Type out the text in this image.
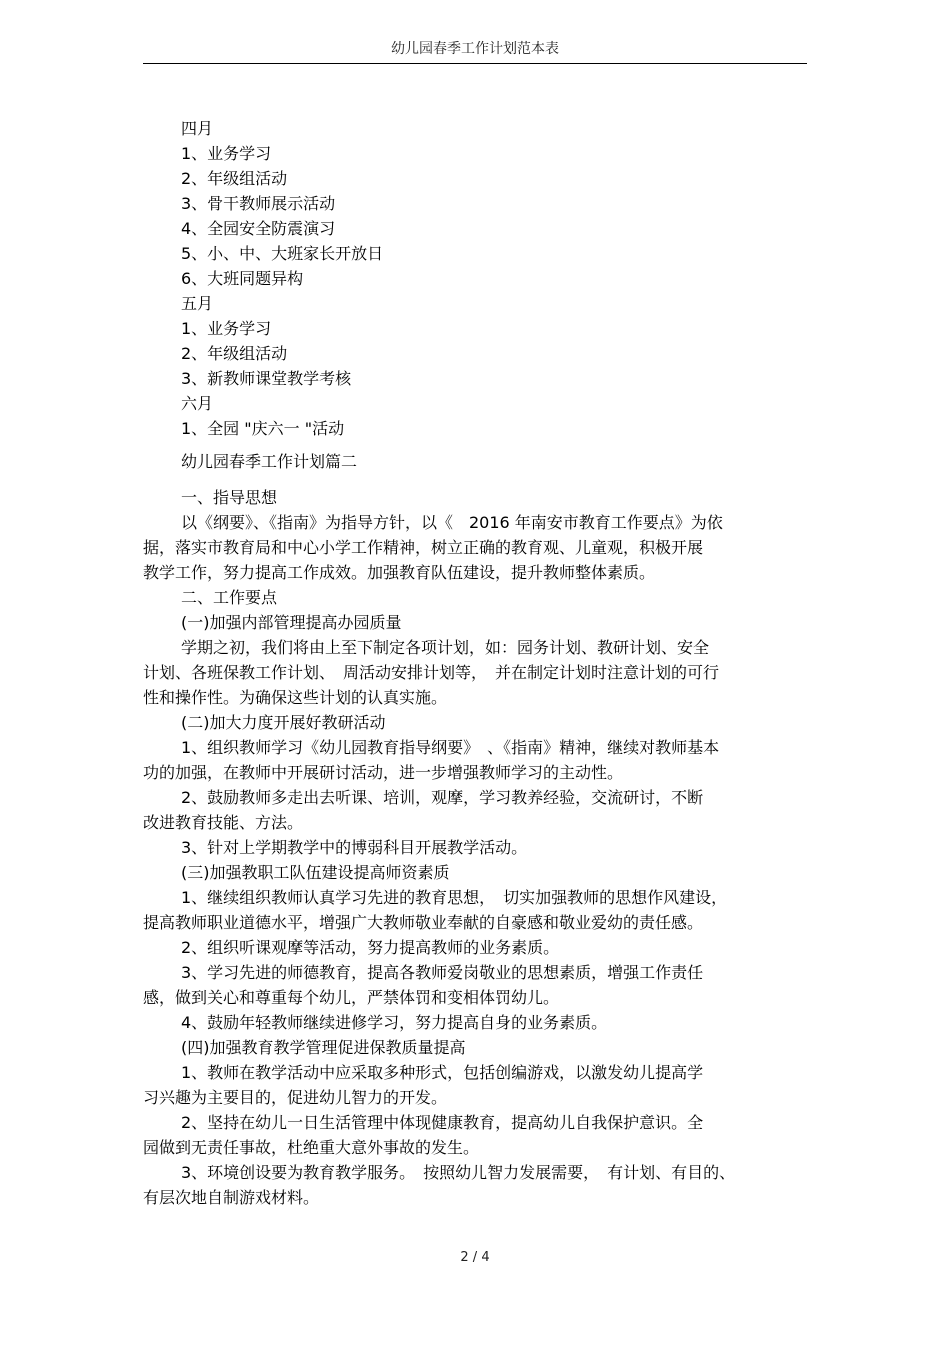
幼儿园春季工作计划范本表
四月
1、业务学习
2、年级组活动
3、骨干教师展示活动
4、全园安全防震演习
5、小、中、大班家长开放日
6、大班同题异构
五月
1、业务学习
2、年级组活动
3、新教师课堂教学考核
六月
1、全园 "庆六一 "活动
幼儿园春季工作计划篇二
一、指导思想
以《纲要》、《指南》为指导方针，以《　2016 年南安市教育工作要点》为依
据，落实市教育局和中心小学工作精神，树立正确的教育观、儿童观，积极开展
教学工作，努力提高工作成效。加强教育队伍建设，提升教师整体素质。
二、工作要点
(一)加强内部管理提高办园质量
学期之初，我们将由上至下制定各项计划，如：园务计划、教研计划、安全
计划、各班保教工作计划、　周活动安排计划等，　并在制定计划时注意计划的可行
性和操作性。为确保这些计划的认真实施。
(二)加大力度开展好教研活动
1、组织教师学习《幼儿园教育指导纲要》　、《指南》精神，继续对教师基本
功的加强，在教师中开展研讨活动，进一步增强教师学习的主动性。
2、鼓励教师多走出去听课、培训，观摩，学习教养经验，交流研讨，不断
改进教育技能、方法。
3、针对上学期教学中的博弱科目开展教学活动。
(三)加强教职工队伍建设提高师资素质
1、继续组织教师认真学习先进的教育思想，　切实加强教师的思想作风建设，
提高教师职业道德水平，增强广大教师敬业奉献的自豪感和敬业爱幼的责任感。
2、组织听课观摩等活动，努力提高教师的业务素质。
3、学习先进的师德教育，提高各教师爱岗敬业的思想素质，增强工作责任
感，做到关心和尊重每个幼儿，严禁体罚和变相体罚幼儿。
4、鼓励年轻教师继续进修学习，努力提高自身的业务素质。
(四)加强教育教学管理促进保教质量提高
1、教师在教学活动中应采取多种形式，包括创编游戏，以激发幼儿提高学
习兴趣为主要目的，促进幼儿智力的开发。
2、坚持在幼儿一日生活管理中体现健康教育，提高幼儿自我保护意识。全
园做到无责任事故，杜绝重大意外事故的发生。
3、环境创设要为教育教学服务。　按照幼儿智力发展需要，　有计划、有目的、
有层次地自制游戏材料。
2 / 4
